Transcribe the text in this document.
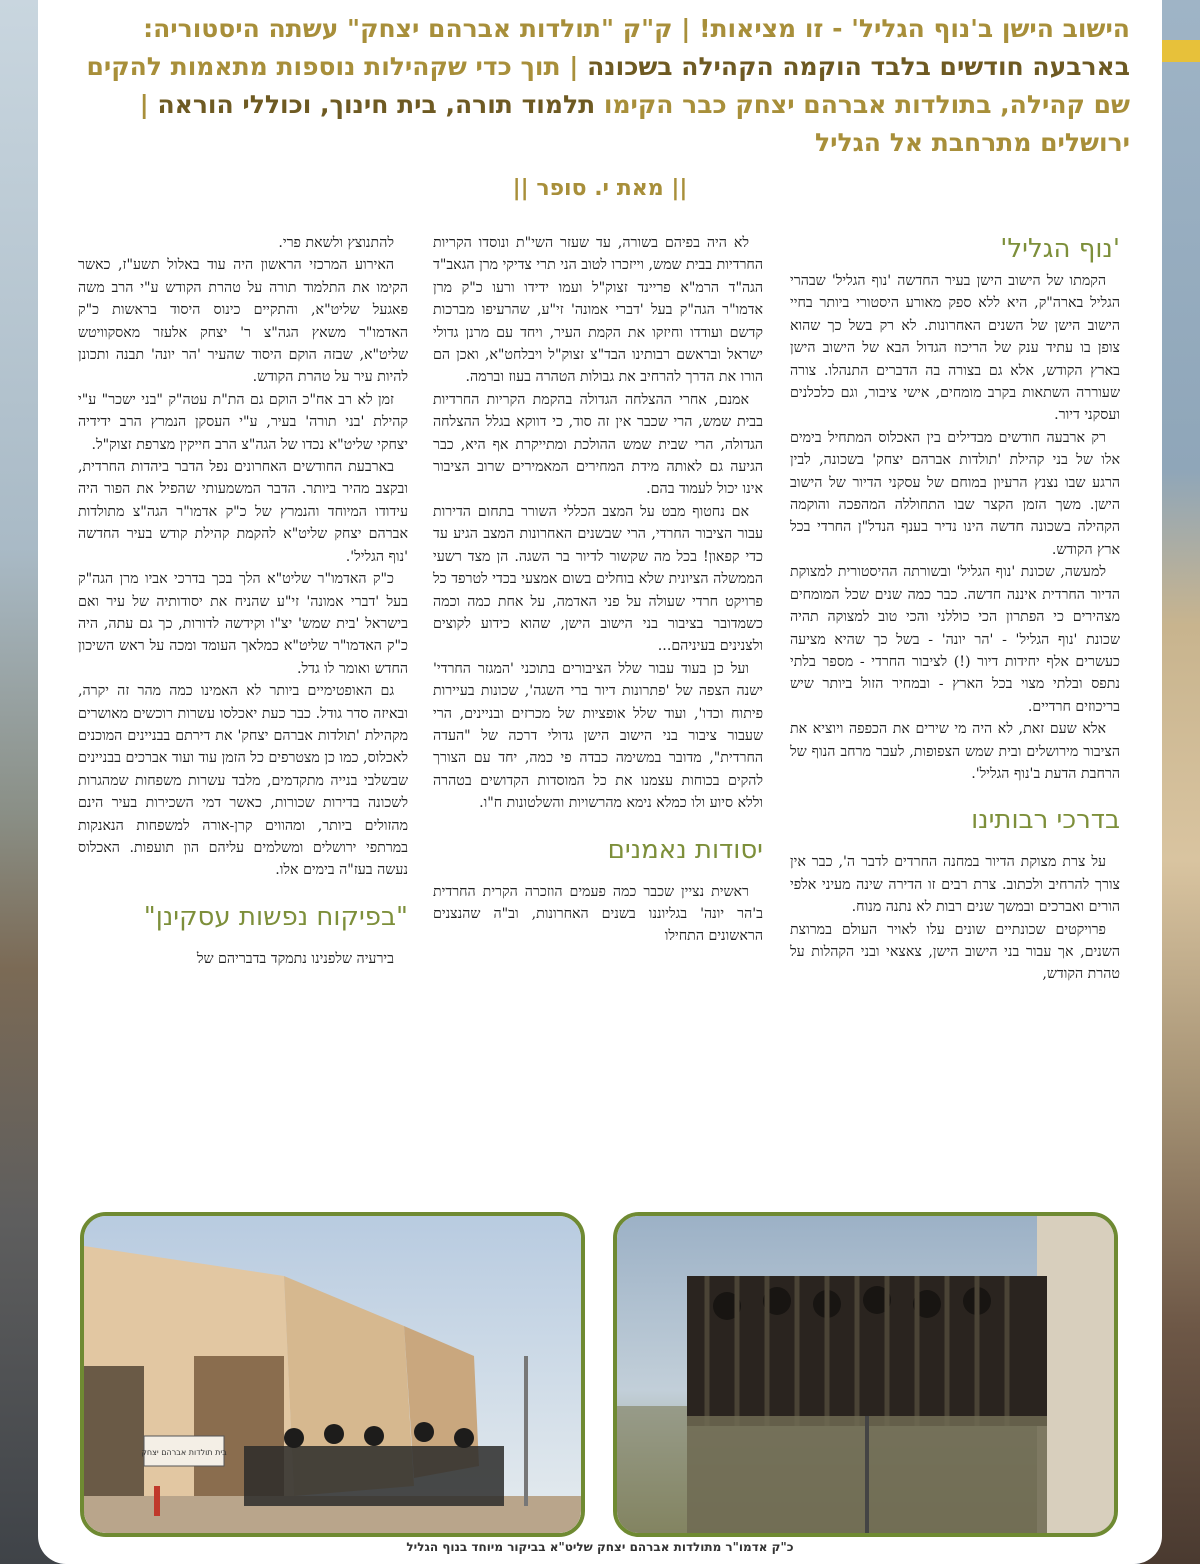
הישוב הישן ב'נוף הגליל' - זו מציאות! | ק"ק "תולדות אברהם יצחק" עשתה היסטוריה: בארבעה חודשים בלבד הוקמה הקהילה בשכונה | תוך כדי שקהילות נוספות מתאמות להקים שם קהילה, בתולדות אברהם יצחק כבר הקימו תלמוד תורה, בית חינוך, וכוללי הוראה | ירושלים מתרחבת אל הגליל
|| מאת י. סופר ||
'נוף הגליל'

הקמתו של הישוב הישן בעיר החדשה 'נוף הגליל' שבהרי הגליל בארה"ק, היא ללא ספק מאורע היסטורי ביותר בחיי הישוב הישן של השנים האחרונות. לא רק בשל כך שהוא צופן בו עתיד ענק של הריכוז הגדול הבא של הישוב הישן בארץ הקודש, אלא גם בצורה בה הדברים התנהלו. צורה שעוררה השתאות בקרב מומחים, אישי ציבור, וגם כלכלנים ועסקני דיור.

רק ארבעה חודשים מבדילים בין האכלוס המתחיל בימים אלו של בני קהילת 'תולדות אברהם יצחק' בשכונה, לבין הרגע שבו נצנץ הרעיון במוחם של עסקני הדיור של הישוב הישן. משך הזמן הקצר שבו התחוללה המהפכה והוקמה הקהילה בשכונה חדשה הינו נדיר בענף הנדל"ן החרדי בכל ארץ הקודש.

למעשה, שכונת 'נוף הגליל' ובשורתה ההיסטורית למצוקת הדיור החרדית איננה חדשה. כבר כמה שנים שכל המומחים מצהירים כי הפתרון הכי כוללני והכי טוב למצוקה תהיה שכונת 'נוף הגליל' - 'הר יונה' - בשל כך שהיא מציעה כעשרים אלף יחידות דיור (!) לציבור החרדי - מספר בלתי נתפס ובלתי מצוי בכל הארץ - ובמחיר הזול ביותר שיש בריכוזים חרדיים.

אלא שעם זאת, לא היה מי שירים את הכפפה ויוציא את הציבור מירושלים ובית שמש הצפופות, לעבר מרחב הנוף של הרחבת הדעת ב'נוף הגליל'.

בדרכי רבותינו

על צרת מצוקת הדיור במחנה החרדים לדבר ה', כבר אין צורך להרחיב ולכתוב. צרת רבים זו הדירה שינה מעיני אלפי הורים ואברכים ובמשך שנים רבות לא נתנה מנוח.

פרויקטים שכונתיים שונים עלו לאויר העולם במרוצת השנים, אך עבור בני הישוב הישן, צאצאי ובני הקהלות על טהרת הקודש,

לא היה בפיהם בשורה, עד שעזר השי"ת ונוסדו הקריות החרדיות בבית שמש, וייזכרו לטוב הני תרי צדיקי מרן הגאב"ד הגה"ד הרמ"א פריינד זצוק"ל ועמו ידידו ורעו כ"ק מרן אדמו"ר הגה"ק בעל 'דברי אמונה' זי"ע, שהרעיפו מברכות קדשם ועודדו וחיזקו את הקמת העיר, ויחד עם מרנן גדולי ישראל ובראשם רבותינו הבד"צ זצוק"ל ויבלחט"א, ואכן הם הורו את הדרך להרחיב את גבולות הטהרה בעוז וברמה.

אמנם, אחרי ההצלחה הגדולה בהקמת הקריות החרדיות בבית שמש, הרי שכבר אין זה סוד, כי דווקא בגלל ההצלחה הגדולה, הרי שבית שמש ההולכת ומתייקרת אף היא, כבר הגיעה גם לאותה מידת המחירים המאמירים שרוב הציבור אינו יכול לעמוד בהם.

אם נחטוף מבט על המצב הכללי השורר בתחום הדירות עבור הציבור החרדי, הרי שבשנים האחרונות המצב הגיע עד כדי קפאון! בכל מה שקשור לדיור בר השגה. הן מצד רשעי הממשלה הציונית שלא בוחלים בשום אמצעי בכדי לטרפד כל פרויקט חרדי שעולה על פני האדמה, על אחת כמה וכמה כשמדובר בציבור בני הישוב הישן, שהוא כידוע לקוצים ולצנינים בעיניהם...

ועל כן בעוד עבור שלל הציבורים בתוכני 'המגזר החרדי' ישנה הצפה של 'פתרונות דיור ברי השגה', שכונות בעיירות פיתוח וכדו', ועוד שלל אופציות של מכרזים ובניינים, הרי שעבור ציבור בני הישוב הישן גדולי דרכה של "העדה החרדית", מדובר במשימה כבדה פי כמה, יחד עם הצורך להקים בכוחות עצמנו את כל המוסדות הקדושים בטהרה וללא סיוע ולו כמלא נימא מהרשויות והשלטונות ח"ו.

יסודות נאמנים

ראשית נציין שכבר כמה פעמים הוזכרה הקרית החרדית ב'הר יונה' בגליוננו בשנים האחרונות, וב"ה שהנצנים הראשונים התחילו

להתנוצץ ולשאת פרי.

האירוע המרכזי הראשון היה עוד באלול תשע"ז, כאשר הקימו את התלמוד תורה על טהרת הקודש ע"י הרב משה פאגעל שליט"א, והתקיים כינוס היסוד בראשות כ"ק האדמו"ר משאץ הגה"צ ר' יצחק אלעזר מאסקוויטש שליט"א, שבזה הוקם היסוד שהעיר 'הר יונה' תבנה ותכונן להיות עיר על טהרת הקודש.

זמן לא רב אח"כ הוקם גם הת"ת עטה"ק "בני ישכר" ע"י קהילת 'בני תורה' בעיר, ע"י העסקן הנמרץ הרב ידידיה יצחקי שליט"א נכדו של הגה"צ הרב חייקין מצרפת זצוק"ל.

בארבעת החודשים האחרונים נפל הדבר ביהדות החרדית, ובקצב מהיר ביותר. הדבר המשמעותי שהפיל את הפור היה עידודו המיוחד והנמרץ של כ"ק אדמו"ר הגה"צ מתולדות אברהם יצחק שליט"א להקמת קהילת קודש בעיר החדשה 'נוף הגליל'.

כ"ק האדמו"ר שליט"א הלך בכך בדרכי אביו מרן הגה"ק בעל 'דברי אמונה' זי"ע שהניח את יסודותיה של עיר ואם בישראל 'בית שמש' יצ"ו וקידשה לדורות, כך גם עתה, היה כ"ק האדמו"ר שליט"א כמלאך העומד ומכה על ראש השיכון החדש ואומר לו גדל.

גם האופטימיים ביותר לא האמינו כמה מהר זה יקרה, ובאיזה סדר גודל. כבר כעת יאכלסו עשרות רוכשים מאושרים מקהילת 'תולדות אברהם יצחק' את דירתם בבניינים המוכנים לאכלוס, כמו כן מצטרפים כל הזמן עוד ועוד אברכים בבניינים שבשלבי בנייה מתקדמים, מלבד עשרות משפחות שמהגרות לשכונה בדירות שכורות, כאשר דמי השכירות בעיר הינם מהזולים ביותר, ומהווים קרן-אורה למשפחות הנאנקות במרתפי ירושלים ומשלמים עליהם הון תועפות. האכלוס נעשה בעז"ה בימים אלו.

"בפיקוח נפשות עסקינן"

בירעיה שלפנינו נתמקד בדבריהם של

בית תולדות אברהם יצחק
כ"ק אדמו"ר מתולדות אברהם יצחק שליט"א בביקור מיוחד בנוף הגליל
